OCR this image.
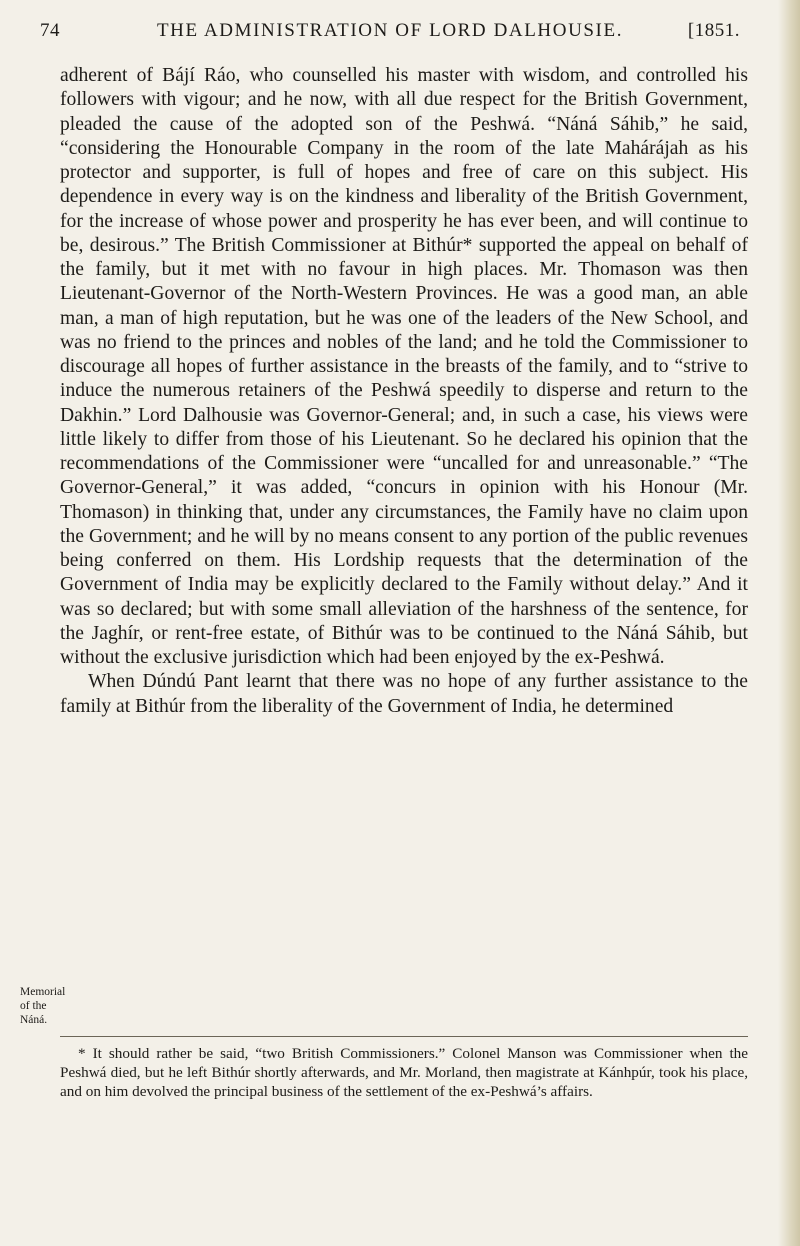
74	THE ADMINISTRATION OF LORD DALHOUSIE.	[1851.

adherent of Bájí Ráo, who counselled his master with wisdom, and controlled his followers with vigour; and he now, with all due respect for the British Government, pleaded the cause of the adopted son of the Peshwá. “Náná Sáhib,” he said, “considering the Honourable Company in the room of the late Mahárájah as his protector and supporter, is full of hopes and free of care on this subject. His dependence in every way is on the kindness and liberality of the British Government, for the increase of whose power and prosperity he has ever been, and will continue to be, desirous.” The British Commissioner at Bithúr* supported the appeal on behalf of the family, but it met with no favour in high places. Mr. Thomason was then Lieutenant-Governor of the North-Western Provinces. He was a good man, an able man, a man of high reputation, but he was one of the leaders of the New School, and was no friend to the princes and nobles of the land; and he told the Commissioner to discourage all hopes of further assistance in the breasts of the family, and to “strive to induce the numerous retainers of the Peshwá speedily to disperse and return to the Dakhin.” Lord Dalhousie was Governor-General; and, in such a case, his views were little likely to differ from those of his Lieutenant. So he declared his opinion that the recommendations of the Commissioner were “uncalled for and unreasonable.” “The Governor-General,” it was added, “concurs in opinion with his Honour (Mr. Thomason) in thinking that, under any circumstances, the Family have no claim upon the Government; and he will by no means consent to any portion of the public revenues being conferred on them. His Lordship requests that the determination of the Government of India may be explicitly declared to the Family without delay.” And it was so declared; but with some small alleviation of the harshness of the sentence, for the Jaghír, or rent-free estate, of Bithúr was to be continued to the Náná Sáhib, but without the exclusive jurisdiction which had been enjoyed by the ex-Peshwá.

When Dúndú Pant learnt that there was no hope of any further assistance to the family at Bithúr from the liberality of the Government of India, he determined

Memorial of the Náná.

* It should rather be said, “two British Commissioners.” Colonel Manson was Commissioner when the Peshwá died, but he left Bithúr shortly afterwards, and Mr. Morland, then magistrate at Kánhpúr, took his place, and on him devolved the principal business of the settlement of the ex-Peshwá’s affairs.
